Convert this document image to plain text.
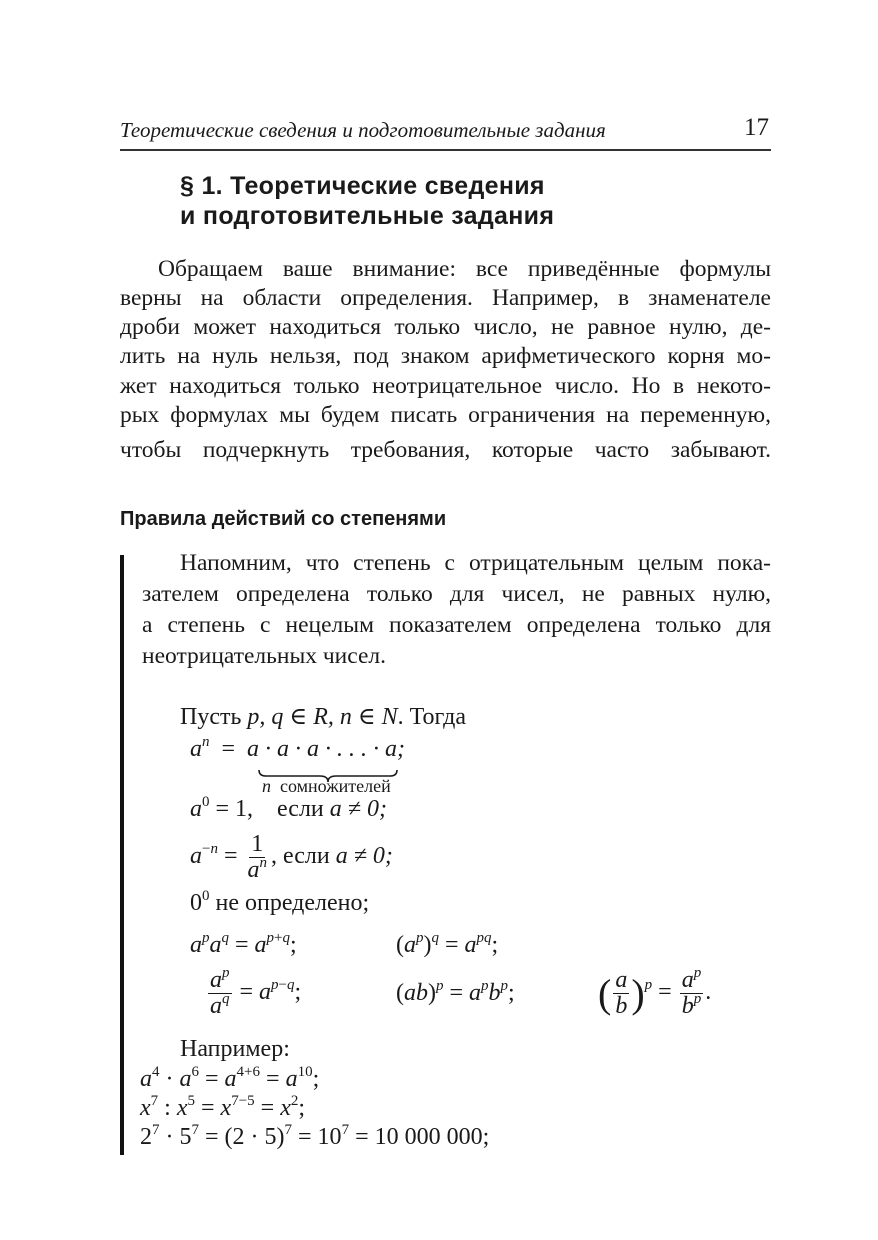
Теоретические сведения и подготовительные задания	17
§ 1. Теоретические сведения
и подготовительные задания
Обращаем ваше внимание: все приведённые формулы
верны на области определения. Например, в знаменателе
дроби может находиться только число, не равное нулю, де-
лить на нуль нельзя, под знаком арифметического корня мо-
жет находиться только неотрицательное число. Но в некото-
рых формулах мы будем писать ограничения на переменную,
чтобы подчеркнуть требования, которые часто забывают.
Правила действий со степенями
Напомним, что степень с отрицательным целым пока-
зателем определена только для чисел, не равных нулю,
а степень с нецелым показателем определена только для
неотрицательных чисел.
Пусть p, q ∈ R, n ∈ N. Тогда
$a^n = a \cdot a \cdot a$ · . . . · a;
n сомножителей
$a^0 = 1$,    если a ≠ 0;
$a^{-n} = \frac{1}{a^n}$ , если a ≠ 0;
$0^0$ не определено;
$a^pa^q = a^{p+q}$;	$(a^p)^q = a^{pq}$;
$\frac{a^p}{a^q} = a^{p-q}$;	$(ab)^p = a^pb^p$; ( $\frac{a}{b} )^p = \frac{a^p}{b^p}$ .
Например:
$a^4 \cdot a^6 = a^{4+6} = a^{10}$;
$x^7$ : $x^5 = x^{7-5} = x^2$;
$2^7 \cdot 5^7 = (2 \cdot 5)^7 = 10^7 = 10$ 000 000;
